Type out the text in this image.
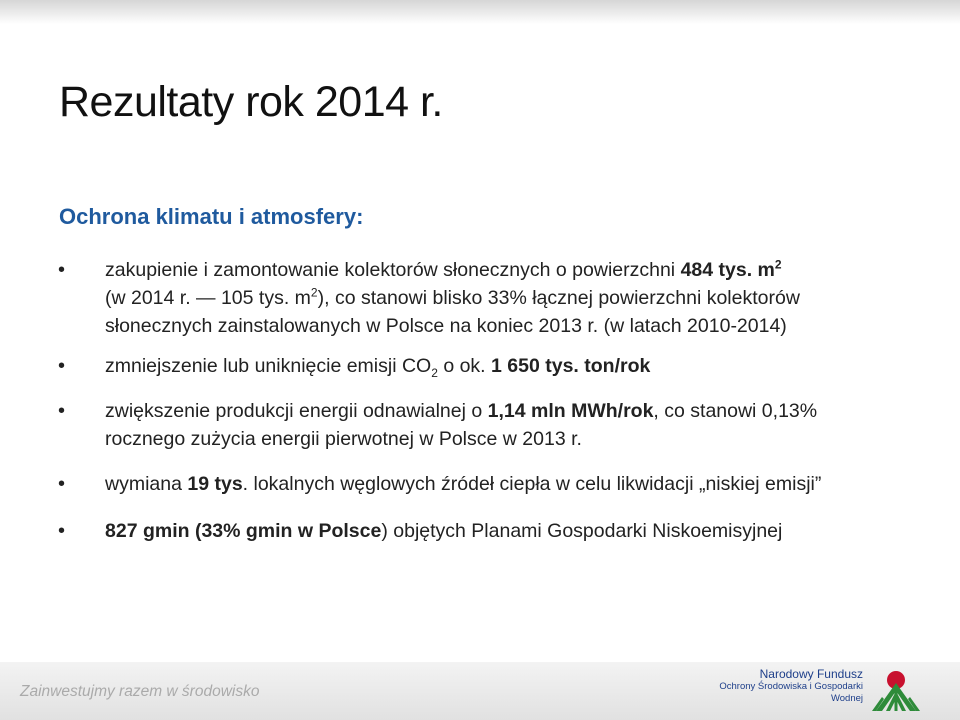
Rezultaty rok 2014 r.
Ochrona klimatu i atmosfery:
• zakupienie i zamontowanie kolektorów słonecznych o powierzchni 484 tys. $m^2$
(w 2014 r. — 105 tys. $m^2$), co stanowi blisko 33% łącznej powierzchni kolektorów
słonecznych zainstalowanych w Polsce na koniec 2013 r. (w latach 2010-2014)
• zmniejszenie lub uniknięcie emisji $CO_2$ o ok. 1 650 tys. ton/rok
• zwiększenie produkcji energii odnawialnej o 1,14 mln MWh/rok, co stanowi 0,13%
rocznego zużycia energii pierwotnej w Polsce w 2013 r.
• wymiana 19 tys. lokalnych węglowych źródeł ciepła w celu likwidacji „niskiej emisji”
• 827 gmin (33% gmin w Polsce) objętych Planami Gospodarki Niskoemisyjnej
Zainwestujmy razem w środowisko
Narodowy Fundusz
Ochrony Środowiska i Gospodarki Wodnej
